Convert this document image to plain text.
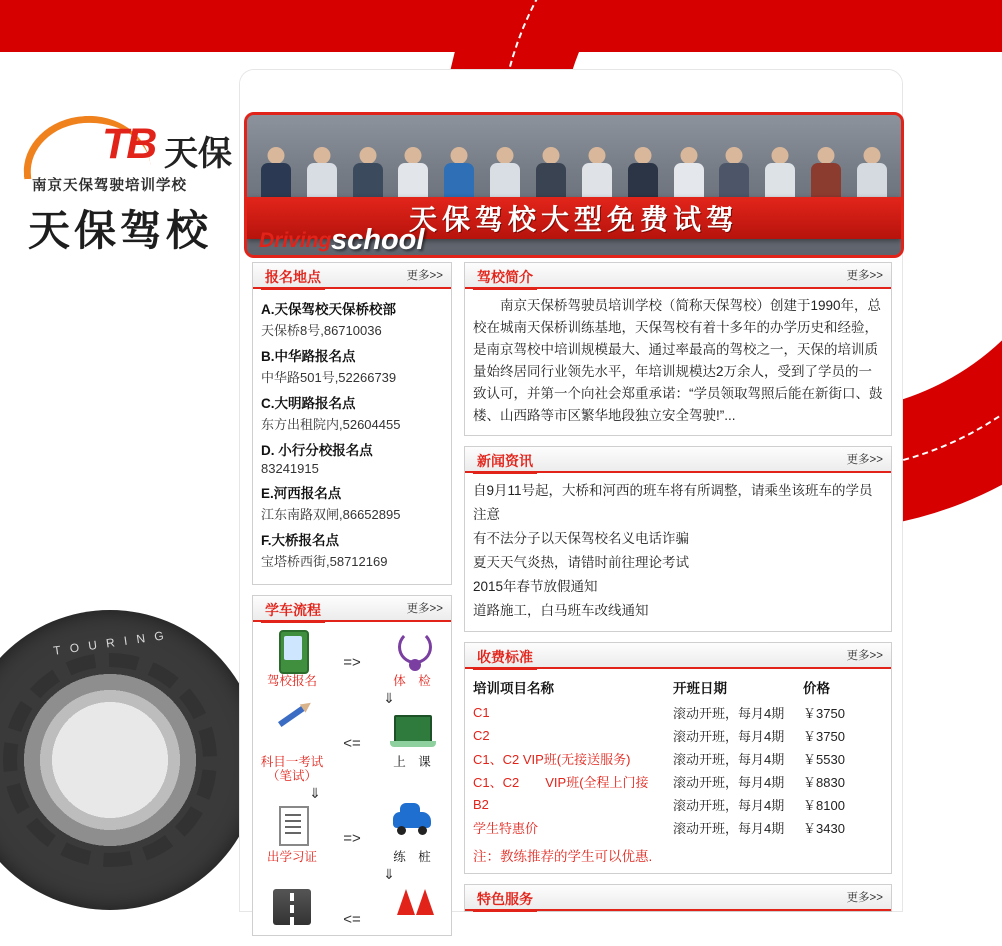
T O U R I N G
TB 天保
南京天保驾驶培训学校
天保驾校	天保驾校大型免费试驾
Driving school
报名地点	更多>>
A.天保驾校天保桥校部
天保桥8号,86710036
B.中华路报名点
中华路501号,52266739
C.大明路报名点
东方出租院内,52604455
D. 小行分校报名点
83241915
E.河西报名点
江东南路双闸,86652895
F.大桥报名点
宝塔桥西街,58712169
学车流程	更多>>
驾校报名
=>
体　检
⇓
科目一考试（笔试）
<=
上　课
⇓
出学习证
=>
练　桩
⇓
<=
驾校简介	更多>>

南京天保桥驾驶员培训学校（简称天保驾校）创建于1990年，总校在城南天保桥训练基地，天保驾校有着十多年的办学历史和经验，是南京驾校中培训规模最大、通过率最高的驾校之一，天保的培训质量始终居同行业领先水平，年培训规模达2万余人，受到了学员的一致认可，并第一个向社会郑重承诺：“学员领取驾照后能在新街口、鼓楼、山西路等市区繁华地段独立安全驾驶!”...

新闻资讯	更多>>
自9月11号起，大桥和河西的班车将有所调整，请乘坐该班车的学员注意
有不法分子以天保驾校名义电话诈骗
夏天天气炎热，请错时前往理论考试
2015年春节放假通知
道路施工，白马班车改线通知
收费标准	更多>>
培训项目名称	开班日期	价格
C1	滚动开班，每月4期	￥3750
C2	滚动开班，每月4期	￥3750
C1、C2 VIP班(无接送服务)	滚动开班，每月4期	￥5530
C1、C2　　VIP班(全程上门接	滚动开班，每月4期	￥8830
B2	滚动开班，每月4期	￥8100
学生特惠价	滚动开班，每月4期	￥3430
注：教练推荐的学生可以优惠.
特色服务	更多>>
